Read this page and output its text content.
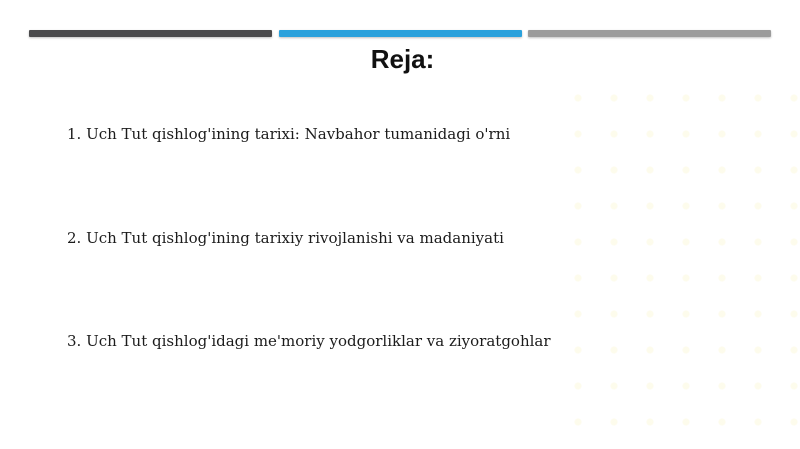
Reja:
1. Uch Tut qishlog'ining tarixi: Navbahor tumanidagi o'rni
2. Uch Tut qishlog'ining tarixiy rivojlanishi va madaniyati
3. Uch Tut qishlog'idagi me'moriy yodgorliklar va ziyoratgohlar
